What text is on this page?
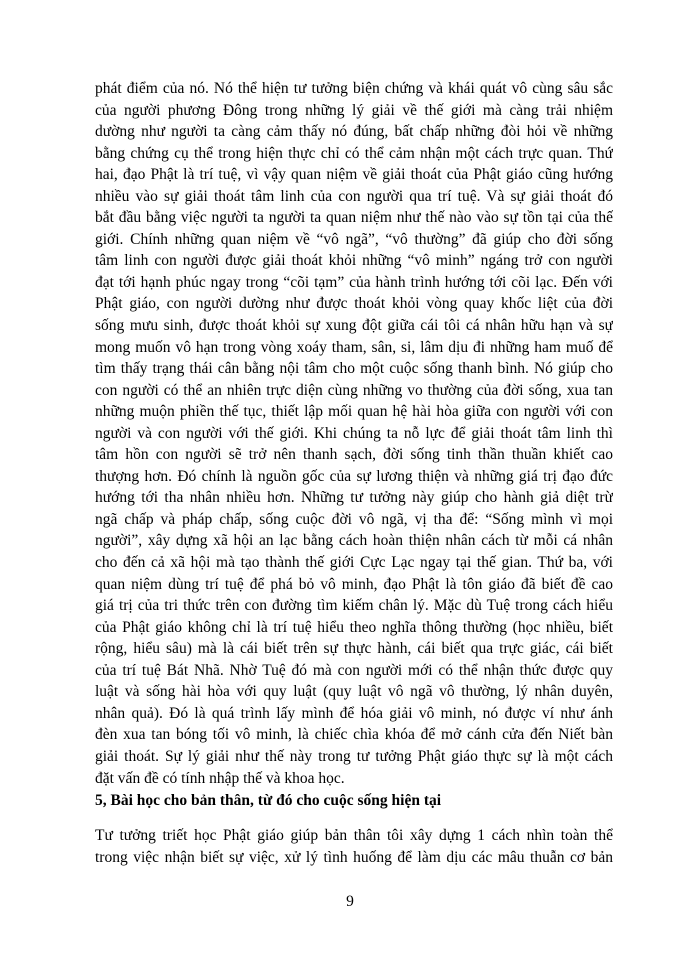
phát điểm của nó. Nó thể hiện tư tưởng biện chứng và khái quát vô cùng sâu sắc
của người phương Đông trong những lý giải về thế giới mà càng trải nhiệm
dường như người ta càng cảm thấy nó đúng, bất chấp những đòi hỏi về những
bằng chứng cụ thể trong hiện thực chỉ có thể cảm nhận một cách trực quan. Thứ
hai, đạo Phật là trí tuệ, vì vậy quan niệm về giải thoát của Phật giáo cũng hướng
nhiều vào sự giải thoát tâm linh của con người qua trí tuệ. Và sự giải thoát đó
bắt đầu bằng việc người ta người ta quan niệm như thế nào vào sự tồn tại của thế
giới. Chính những quan niệm về “vô ngã”, “vô thường” đã giúp cho đời sống
tâm linh con người được giải thoát khỏi những “vô minh” ngáng trở con người
đạt tới hạnh phúc ngay trong “cõi tạm” của hành trình hướng tới cõi lạc. Đến với
Phật giáo, con người dường như được thoát khỏi vòng quay khốc liệt của đời
sống mưu sinh, được thoát khỏi sự xung đột giữa cái tôi cá nhân hữu hạn và sự
mong muốn vô hạn trong vòng xoáy tham, sân, si, lâm dịu đi những ham muố để
tìm thấy trạng thái cân bằng nội tâm cho một cuộc sống thanh bình. Nó giúp cho
con người có thể an nhiên trực diện cùng những vo thường của đời sống, xua tan
những muộn phiền thế tục, thiết lập mối quan hệ hài hòa giữa con người với con
người và con người với thế giới. Khi chúng ta nỗ lực để giải thoát tâm linh thì
tâm hồn con người sẽ trở nên thanh sạch, đời sống tinh thần thuần khiết cao
thượng hơn. Đó chính là nguồn gốc của sự lương thiện và những giá trị đạo đức
hướng tới tha nhân nhiều hơn. Những tư tưởng này giúp cho hành giả diệt trừ
ngã chấp và pháp chấp, sống cuộc đời vô ngã, vị tha để: “Sống mình vì mọi
người”, xây dựng xã hội an lạc bằng cách hoàn thiện nhân cách từ mỗi cá nhân
cho đến cả xã hội mà tạo thành thế giới Cực Lạc ngay tại thế gian. Thứ ba, với
quan niệm dùng trí tuệ để phá bỏ vô minh, đạo Phật là tôn giáo đã biết đề cao
giá trị của tri thức trên con đường tìm kiếm chân lý. Mặc dù Tuệ trong cách hiểu
của Phật giáo không chỉ là trí tuệ hiểu theo nghĩa thông thường (học nhiều, biết
rộng, hiểu sâu) mà là cái biết trên sự thực hành, cái biết qua trực giác, cái biết
của trí tuệ Bát Nhã. Nhờ Tuệ đó mà con người mới có thể nhận thức được quy
luật và sống hài hòa với quy luật (quy luật vô ngã vô thường, lý nhân duyên,
nhân quả). Đó là quá trình lấy mình để hóa giải vô minh, nó được ví như ánh
đèn xua tan bóng tối vô minh, là chiếc chìa khóa để mở cánh cửa đến Niết bàn
giải thoát. Sự lý giải như thế này trong tư tưởng Phật giáo thực sự là một cách
đặt vấn đề có tính nhập thế và khoa học.
5, Bài học cho bản thân, từ đó cho cuộc sống hiện tại
Tư tưởng triết học Phật giáo giúp bản thân tôi xây dựng 1 cách nhìn toàn thể
trong việc nhận biết sự việc, xử lý tình huống để làm dịu các mâu thuẫn cơ bản
9
